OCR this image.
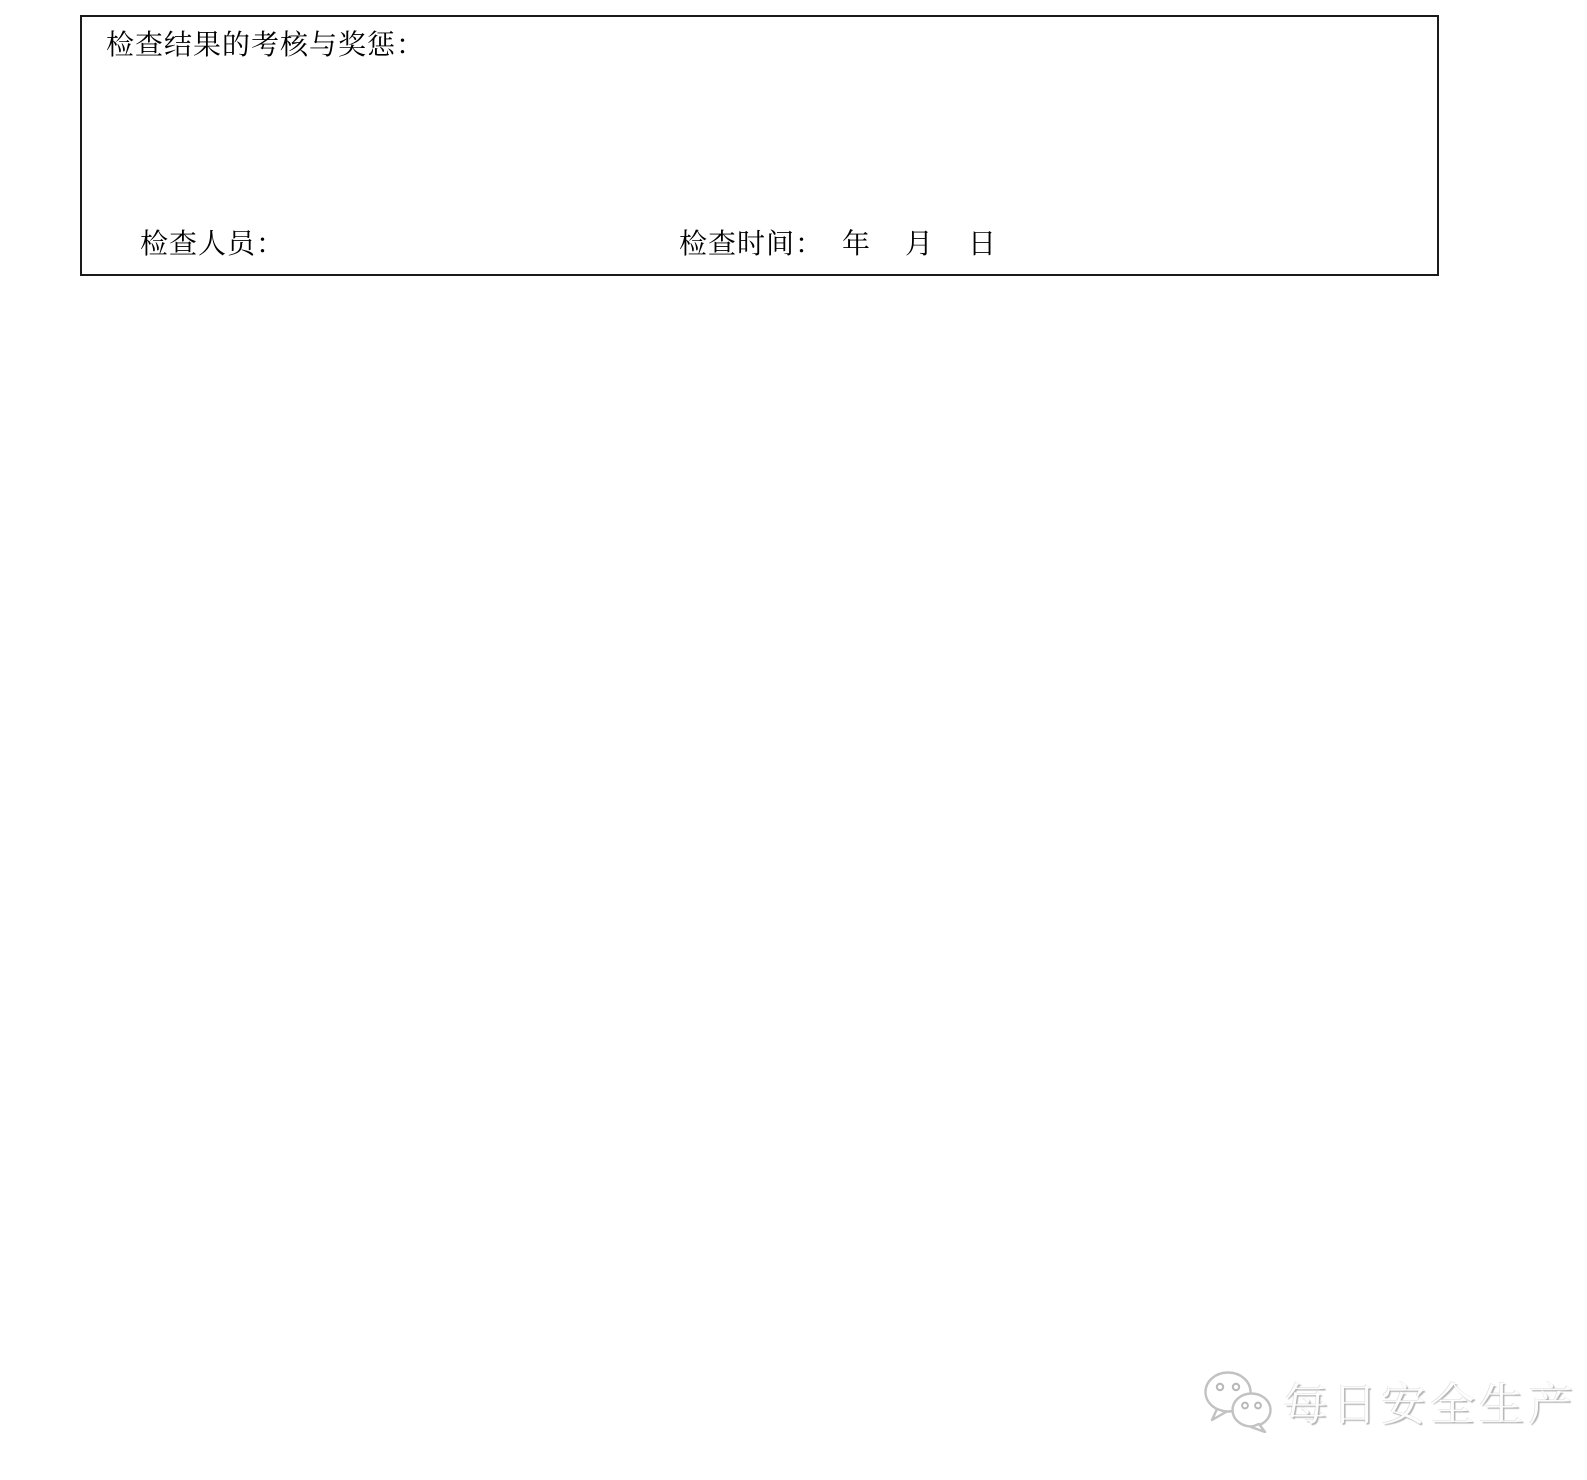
检查结果的考核与奖惩：
检查人员：	检查时间： 年 月 日
每日安全生产
